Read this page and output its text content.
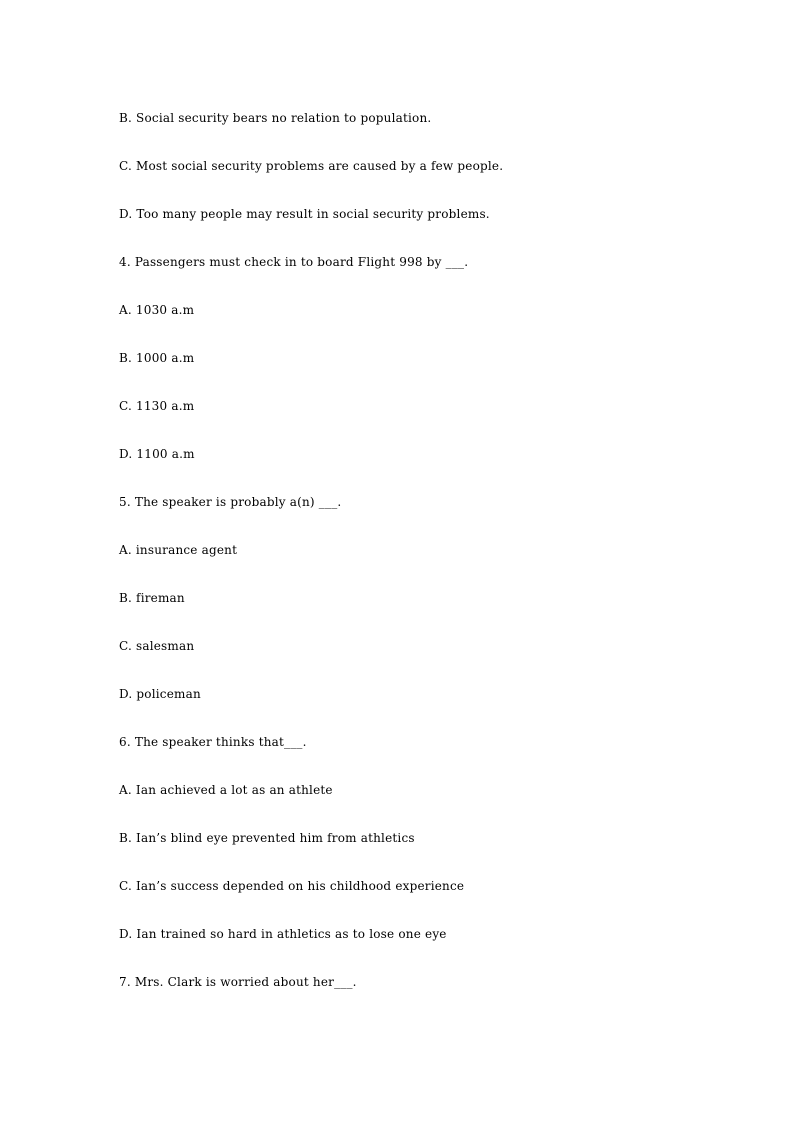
B. Social security bears no relation to population.
C. Most social security problems are caused by a few people.
D. Too many people may result in social security problems.
4. Passengers must check in to board Flight 998 by ___.
A. 1030 a.m
B. 1000 a.m
C. 1130 a.m
D. 1100 a.m
5. The speaker is probably a(n) ___.
A. insurance agent
B. fireman
C. salesman
D. policeman
6. The speaker thinks that___.
A. Ian achieved a lot as an athlete
B. Ian’s blind eye prevented him from athletics
C. Ian’s success depended on his childhood experience
D. Ian trained so hard in athletics as to lose one eye
7. Mrs. Clark is worried about her___.
